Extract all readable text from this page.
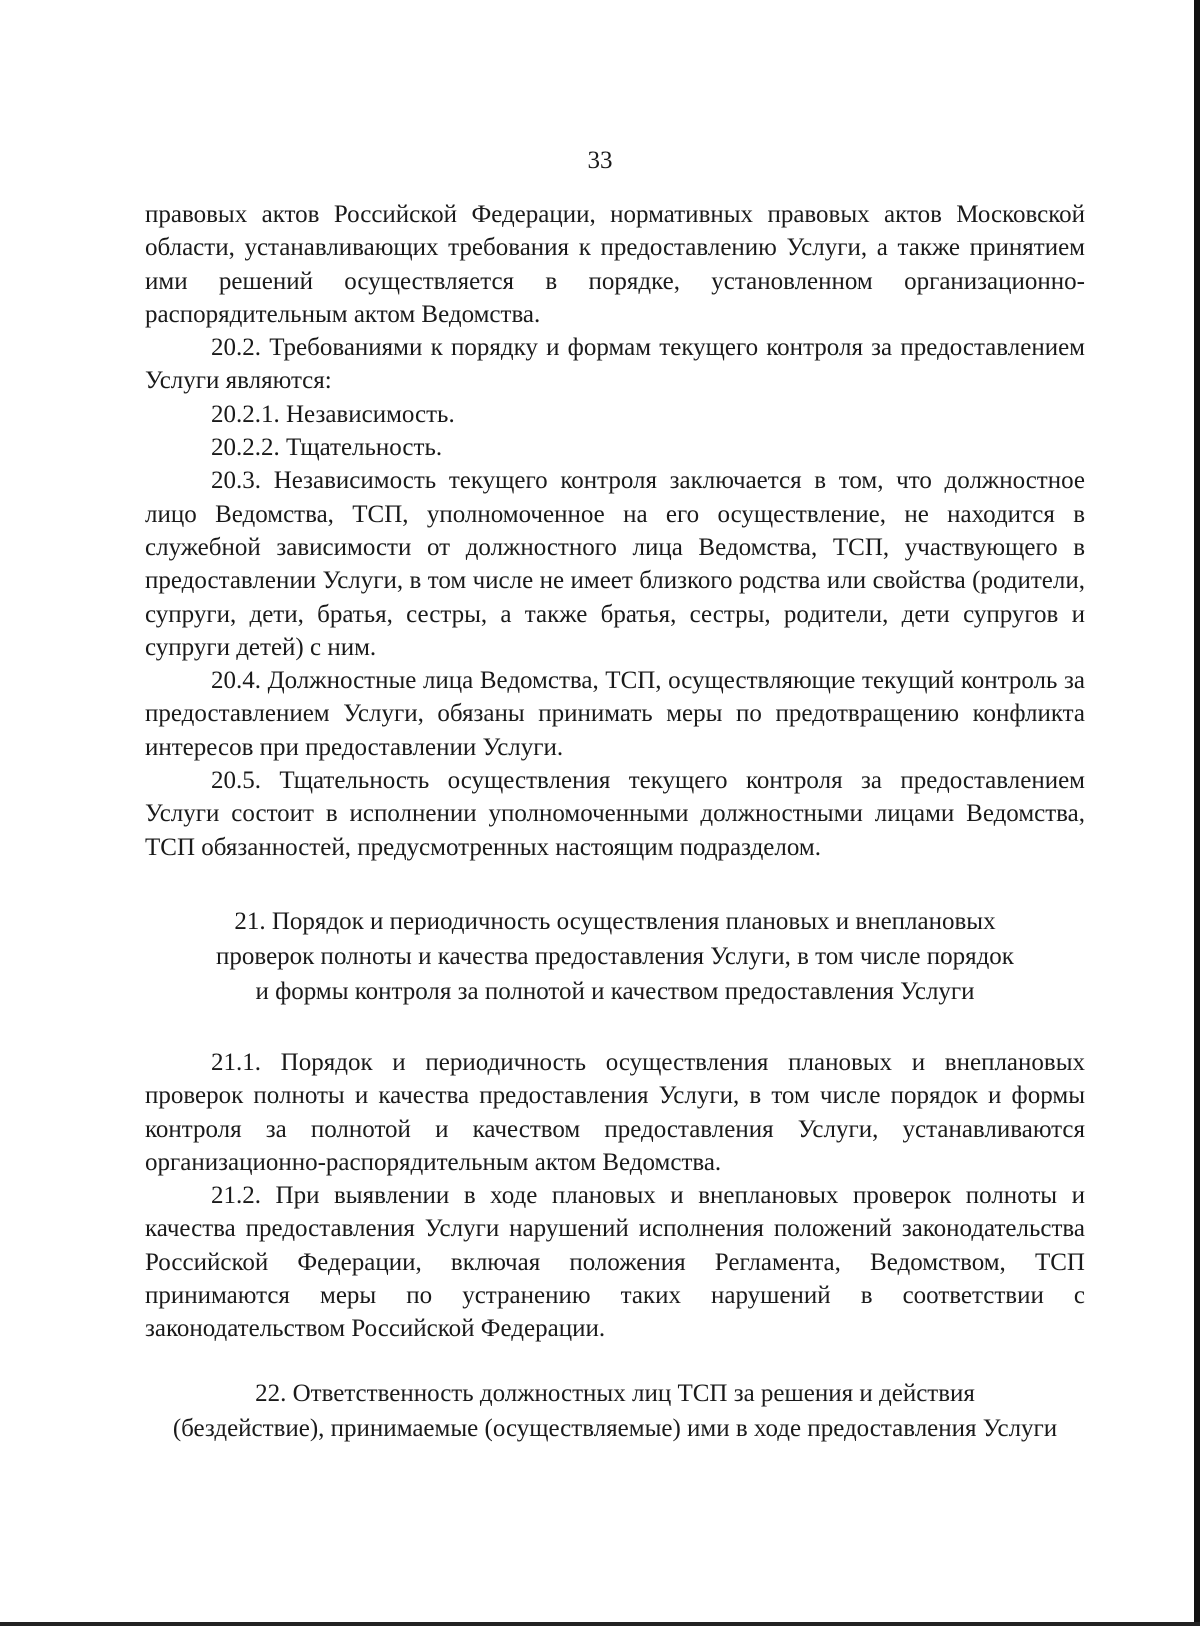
33

правовых актов Российской Федерации, нормативных правовых актов Московской области, устанавливающих требования к предоставлению Услуги, а также принятием ими решений осуществляется в порядке, установленном организационно-распорядительным актом Ведомства.

20.2. Требованиями к порядку и формам текущего контроля за предоставлением Услуги являются:

20.2.1. Независимость.

20.2.2. Тщательность.

20.3. Независимость текущего контроля заключается в том, что должностное лицо Ведомства, ТСП, уполномоченное на его осуществление, не находится в служебной зависимости от должностного лица Ведомства, ТСП, участвующего в предоставлении Услуги, в том числе не имеет близкого родства или свойства (родители, супруги, дети, братья, сестры, а также братья, сестры, родители, дети супругов и супруги детей) с ним.

20.4. Должностные лица Ведомства, ТСП, осуществляющие текущий контроль за предоставлением Услуги, обязаны принимать меры по предотвращению конфликта интересов при предоставлении Услуги.

20.5. Тщательность осуществления текущего контроля за предоставлением Услуги состоит в исполнении уполномоченными должностными лицами Ведомства, ТСП обязанностей, предусмотренных настоящим подразделом.

21. Порядок и периодичность осуществления плановых и внеплановых
проверок полноты и качества предоставления Услуги, в том числе порядок
и формы контроля за полнотой и качеством предоставления Услуги

21.1. Порядок и периодичность осуществления плановых и внеплановых проверок полноты и качества предоставления Услуги, в том числе порядок и формы контроля за полнотой и качеством предоставления Услуги, устанавливаются организационно-распорядительным актом Ведомства.

21.2. При выявлении в ходе плановых и внеплановых проверок полноты и качества предоставления Услуги нарушений исполнения положений законодательства Российской Федерации, включая положения Регламента, Ведомством, ТСП принимаются меры по устранению таких нарушений в соответствии с законодательством Российской Федерации.

22. Ответственность должностных лиц ТСП за решения и действия
(бездействие), принимаемые (осуществляемые) ими в ходе предоставления Услуги
